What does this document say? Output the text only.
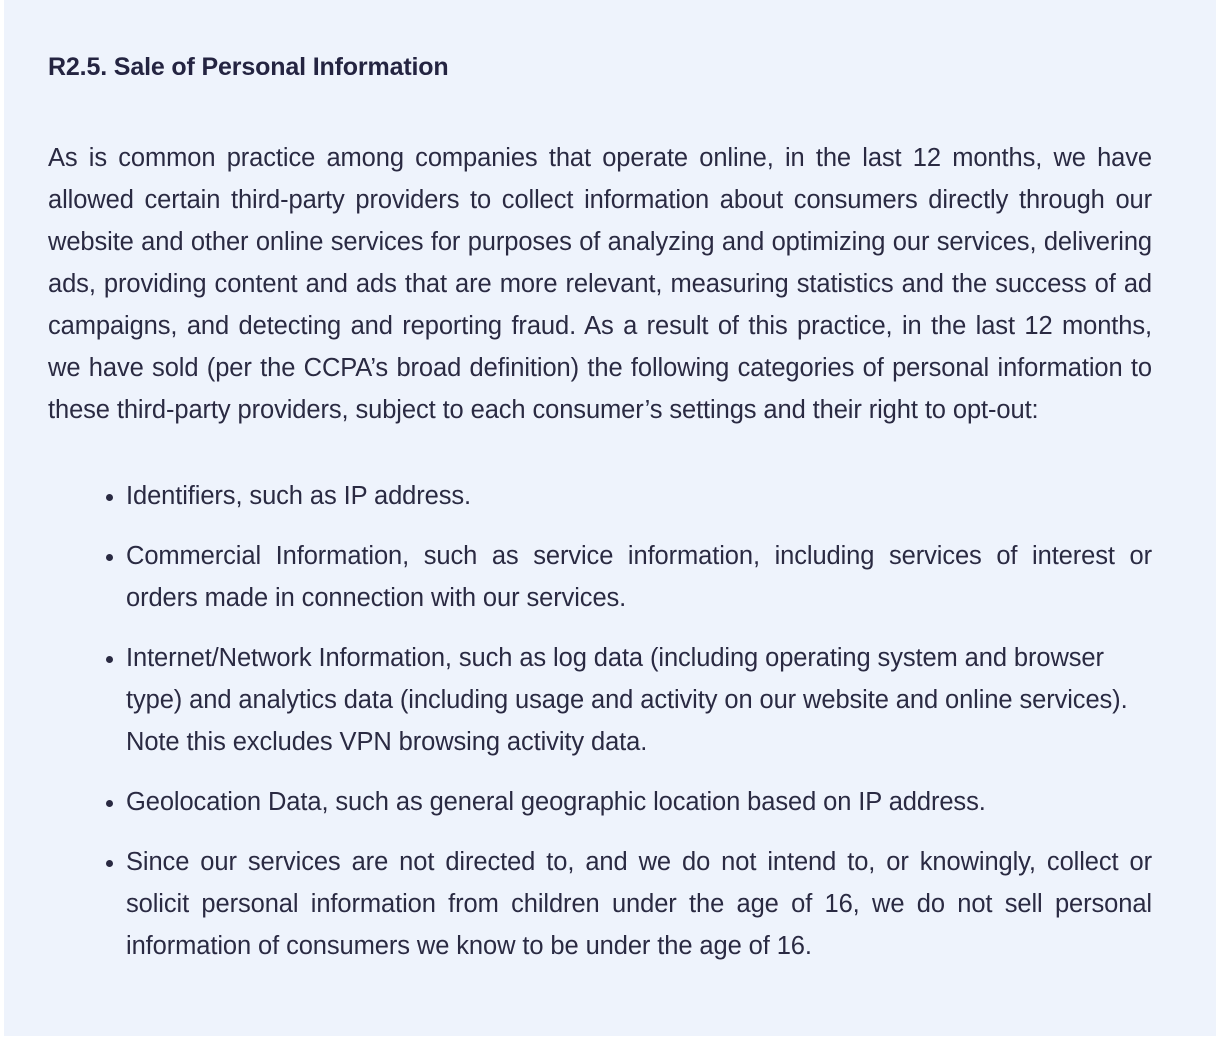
R2.5. Sale of Personal Information

As is common practice among companies that operate online, in the last 12 months, we have allowed certain third-party providers to collect information about consumers directly through our website and other online services for purposes of analyzing and optimizing our services, delivering ads, providing content and ads that are more relevant, measuring statistics and the success of ad campaigns, and detecting and reporting fraud. As a result of this practice, in the last 12 months, we have sold (per the CCPA’s broad definition) the following categories of personal information to these third-party providers, subject to each consumer’s settings and their right to opt-out:

Identifiers, such as IP address.
Commercial Information, such as service information, including services of interest or orders made in connection with our services.
Internet/Network Information, such as log data (including operating system and browser type) and analytics data (including usage and activity on our website and online services). Note this excludes VPN browsing activity data.
Geolocation Data, such as general geographic location based on IP address.
Since our services are not directed to, and we do not intend to, or knowingly, collect or solicit personal information from children under the age of 16, we do not sell personal information of consumers we know to be under the age of 16.
